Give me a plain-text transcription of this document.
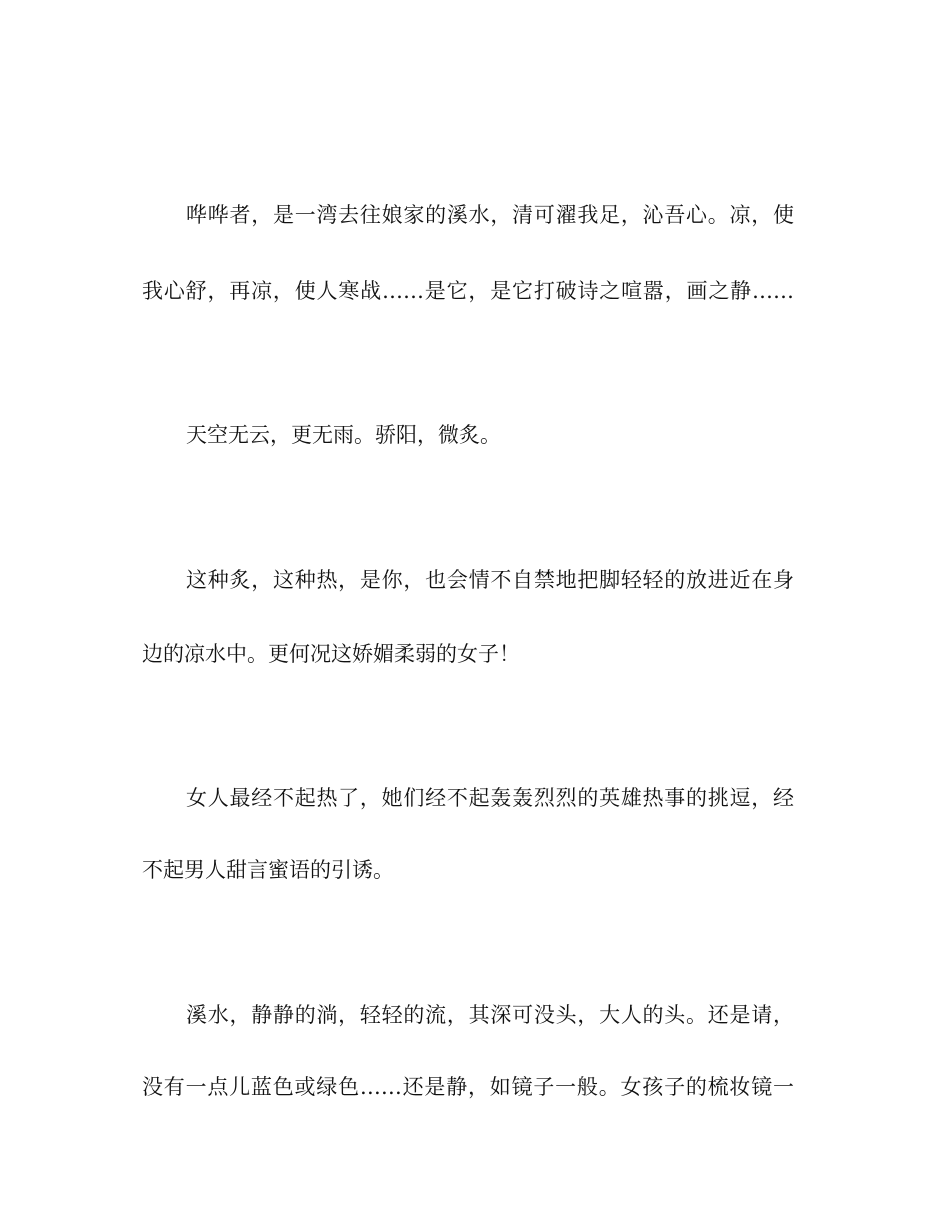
哗哗者，是一湾去往娘家的溪水，清可濯我足，沁吾心。凉，使
我心舒，再凉，使人寒战……是它，是它打破诗之喧嚣，画之静……
天空无云，更无雨。骄阳，微炙。
这种炙，这种热，是你，也会情不自禁地把脚轻轻的放进近在身
边的凉水中。更何况这娇媚柔弱的女子！
女人最经不起热了，她们经不起轰轰烈烈的英雄热事的挑逗，经
不起男人甜言蜜语的引诱。
溪水，静静的淌，轻轻的流，其深可没头，大人的头。还是请，
没有一点儿蓝色或绿色……还是静，如镜子一般。女孩子的梳妆镜一
